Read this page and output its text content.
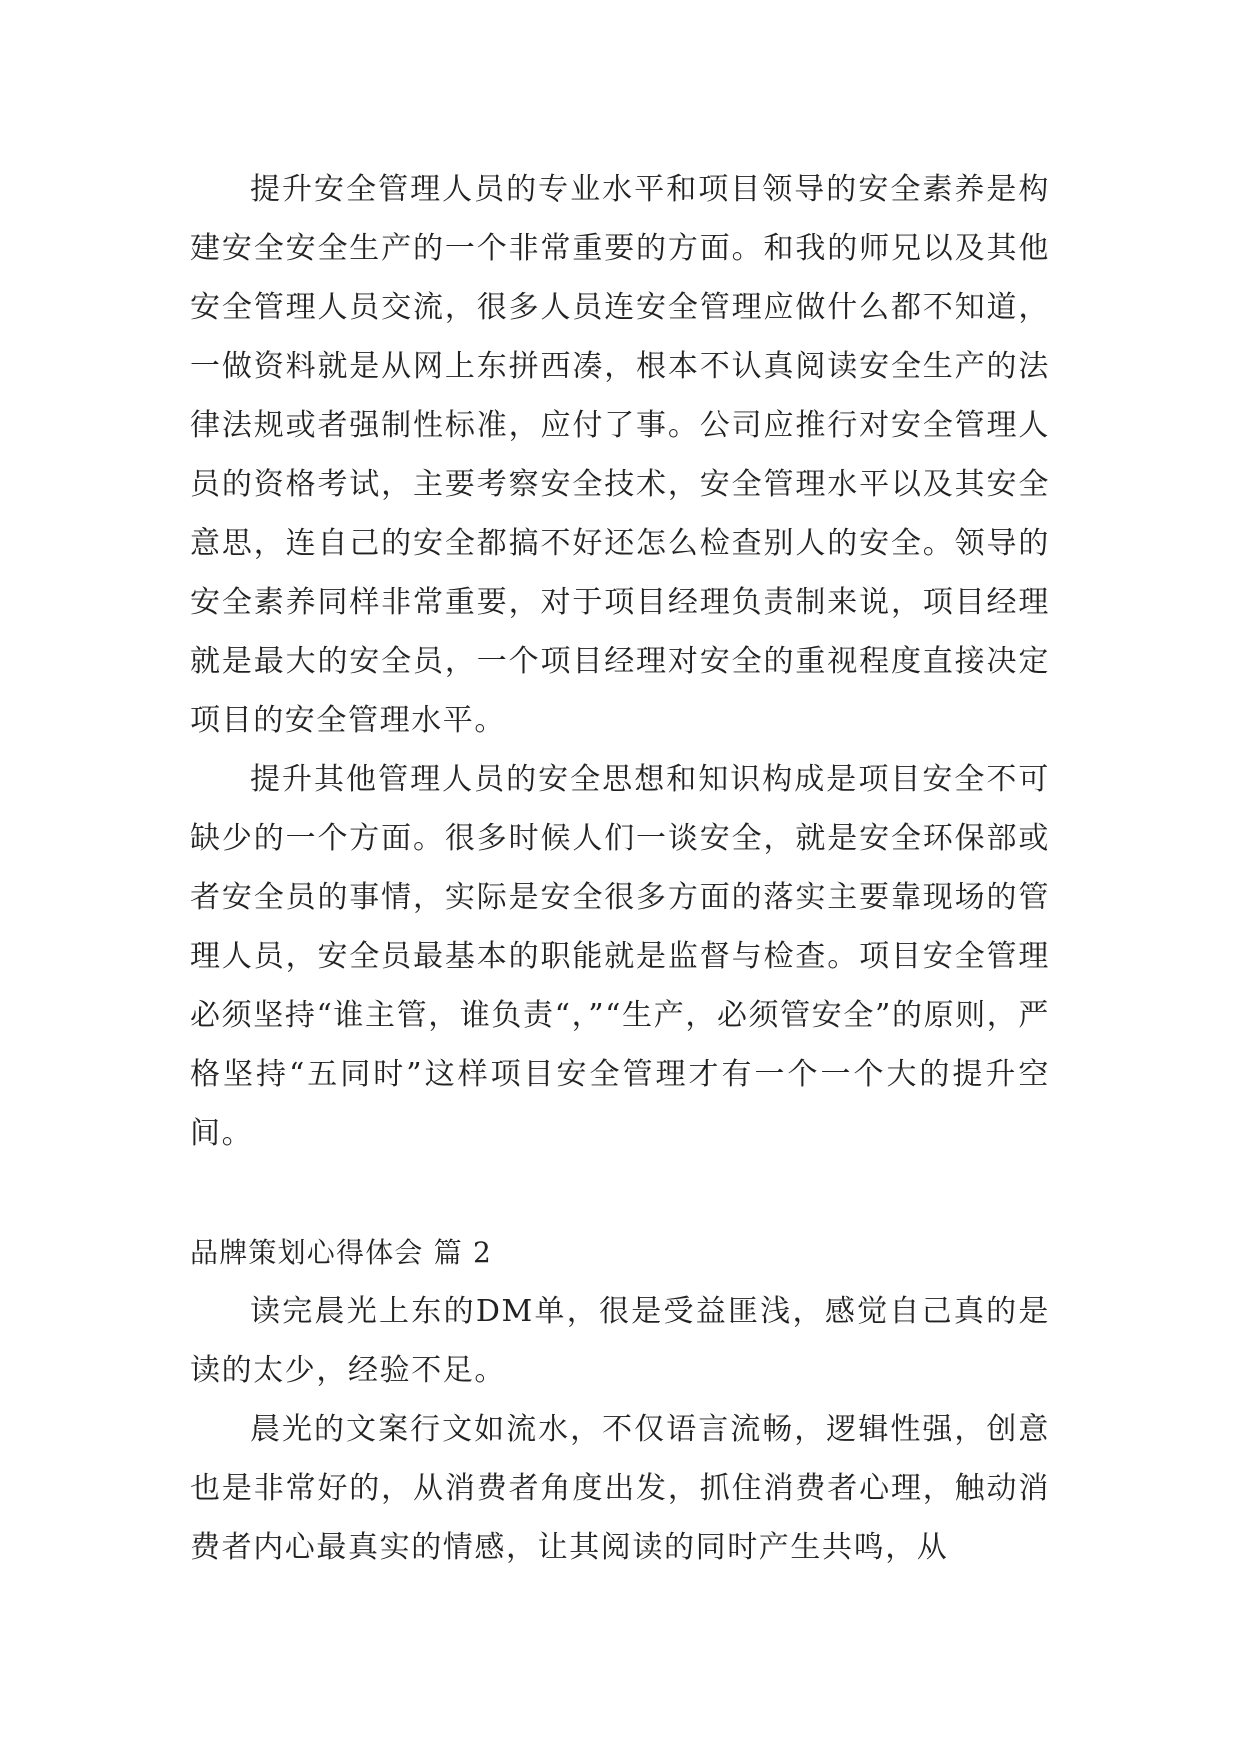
提升安全管理人员的专业水平和项目领导的安全素养是构建安全安全生产的一个非常重要的方面。和我的师兄以及其他安全管理人员交流，很多人员连安全管理应做什么都不知道，一做资料就是从网上东拼西凑，根本不认真阅读安全生产的法律法规或者强制性标准，应付了事。公司应推行对安全管理人员的资格考试，主要考察安全技术，安全管理水平以及其安全意思，连自己的安全都搞不好还怎么检查别人的安全。领导的安全素养同样非常重要，对于项目经理负责制来说，项目经理就是最大的安全员，一个项目经理对安全的重视程度直接决定项目的安全管理水平。

提升其他管理人员的安全思想和知识构成是项目安全不可缺少的一个方面。很多时候人们一谈安全，就是安全环保部或者安全员的事情，实际是安全很多方面的落实主要靠现场的管理人员，安全员最基本的职能就是监督与检查。项目安全管理必须坚持“谁主管，谁负责“，”“生产，必须管安全”的原则，严格坚持“五同时”这样项目安全管理才有一个一个大的提升空间。

品牌策划心得体会 篇 2

读完晨光上东的DM单，很是受益匪浅，感觉自己真的是读的太少，经验不足。

晨光的文案行文如流水，不仅语言流畅，逻辑性强，创意也是非常好的，从消费者角度出发，抓住消费者心理，触动消费者内心最真实的情感，让其阅读的同时产生共鸣，从
